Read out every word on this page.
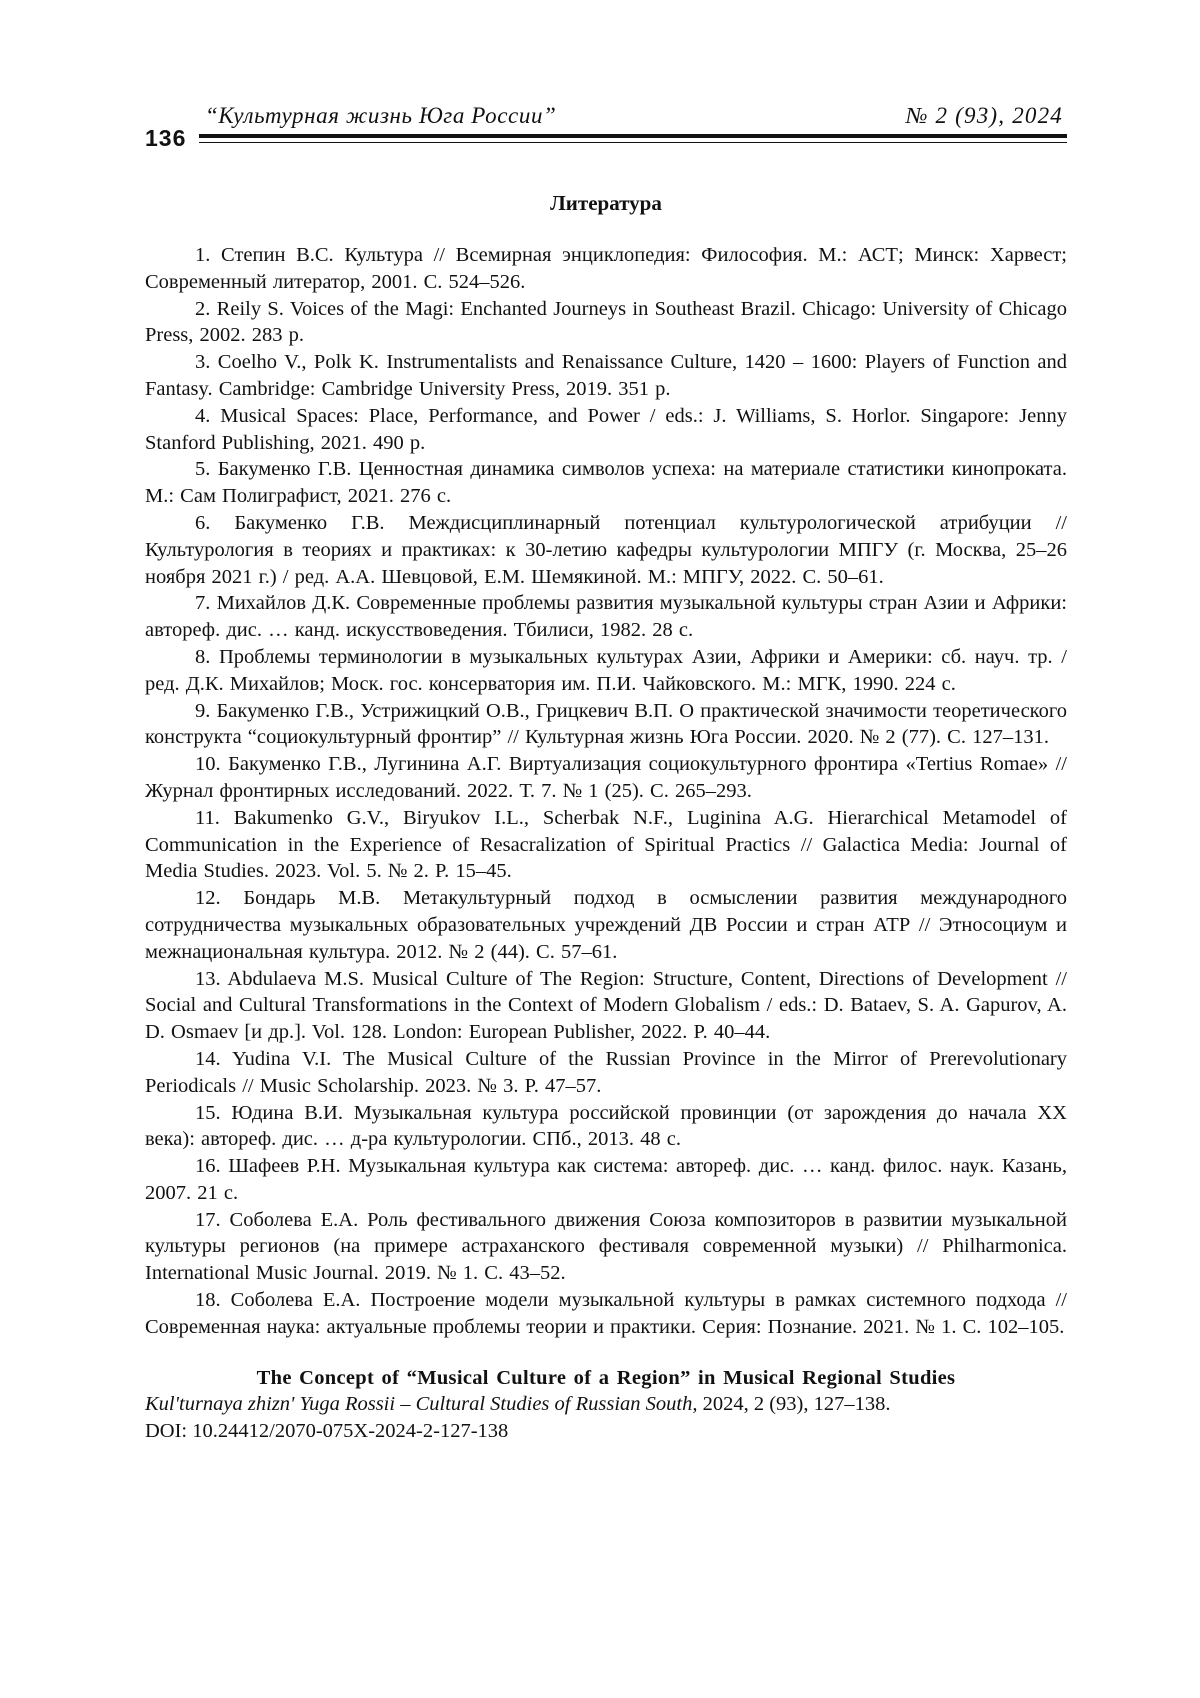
136
“Культурная жизнь Юга России”	№ 2 (93), 2024
Литература

1. Степин В.С. Культура // Всемирная энциклопедия: Философия. М.: АСТ; Минск: Харвест; Современный литератор, 2001. С. 524–526.

2. Reily S. Voices of the Magi: Enchanted Journeys in Southeast Brazil. Chicago: University of Chicago Press, 2002. 283 p.

3. Coelho V., Polk K. Instrumentalists and Renaissance Culture, 1420 – 1600: Players of Function and Fantasy. Cambridge: Cambridge University Press, 2019. 351 p.

4. Musical Spaces: Place, Performance, and Power / eds.: J. Williams, S. Horlor. Singapore: Jenny Stanford Publishing, 2021. 490 p.

5. Бакуменко Г.В. Ценностная динамика символов успеха: на материале статистики кинопроката. М.: Сам Полиграфист, 2021. 276 с.

6. Бакуменко Г.В. Междисциплинарный потенциал культурологической атрибуции // Культурология в теориях и практиках: к 30-летию кафедры культурологии МПГУ (г. Москва, 25–26 ноября 2021 г.) / ред. А.А. Шевцовой, Е.М. Шемякиной. М.: МПГУ, 2022. С. 50–61.

7. Михайлов Д.К. Современные проблемы развития музыкальной культуры стран Азии и Африки: автореф. дис. … канд. искусствоведения. Тбилиси, 1982. 28 с.

8. Проблемы терминологии в музыкальных культурах Азии, Африки и Америки: сб. науч. тр. / ред. Д.К. Михайлов; Моск. гос. консерватория им. П.И. Чайковского. М.: МГК, 1990. 224 с.

9. Бакуменко Г.В., Устрижицкий О.В., Грицкевич В.П. О практической значимости теоретического конструкта “социокультурный фронтир” // Культурная жизнь Юга России. 2020. № 2 (77). С. 127–131.

10. Бакуменко Г.В., Лугинина А.Г. Виртуализация социокультурного фронтира «Tertius Romae» // Журнал фронтирных исследований. 2022. Т. 7. № 1 (25). С. 265–293.

11. Bakumenko G.V., Biryukov I.L., Scherbak N.F., Luginina A.G. Hierarchical Metamodel of Communication in the Experience of Resacralization of Spiritual Practics // Galactica Media: Journal of Media Studies. 2023. Vol. 5. № 2. P. 15–45.

12. Бондарь М.В. Метакультурный подход в осмыслении развития международного сотрудничества музыкальных образовательных учреждений ДВ России и стран АТР // Этносоциум и межнациональная культура. 2012. № 2 (44). С. 57–61.

13. Abdulaeva M.S. Musical Culture of The Region: Structure, Content, Directions of Development // Social and Cultural Transformations in the Context of Modern Globalism / eds.: D. Bataev, S. A. Gapurov, A. D. Osmaev [и др.]. Vol. 128. London: European Publisher, 2022. P. 40–44.

14. Yudina V.I. The Musical Culture of the Russian Province in the Mirror of Prerevolutionary Periodicals // Music Scholarship. 2023. № 3. P. 47–57.

15. Юдина В.И. Музыкальная культура российской провинции (от зарождения до начала XX века): автореф. дис. … д-ра культурологии. СПб., 2013. 48 с.

16. Шафеев Р.Н. Музыкальная культура как система: автореф. дис. … канд. филос. наук. Казань, 2007. 21 с.

17. Соболева Е.А. Роль фестивального движения Союза композиторов в развитии музыкальной культуры регионов (на примере астраханского фестиваля современной музыки) // Philharmonica. International Music Journal. 2019. № 1. С. 43–52.

18. Соболева Е.А. Построение модели музыкальной культуры в рамках системного подхода // Современная наука: актуальные проблемы теории и практики. Серия: Познание. 2021. № 1. С. 102–105.

The Concept of “Musical Culture of a Region” in Musical Regional Studies

Kul'turnaya zhizn' Yuga Rossii – Cultural Studies of Russian South, 2024, 2 (93), 127–138.

DOI: 10.24412/2070-075X-2024-2-127-138
